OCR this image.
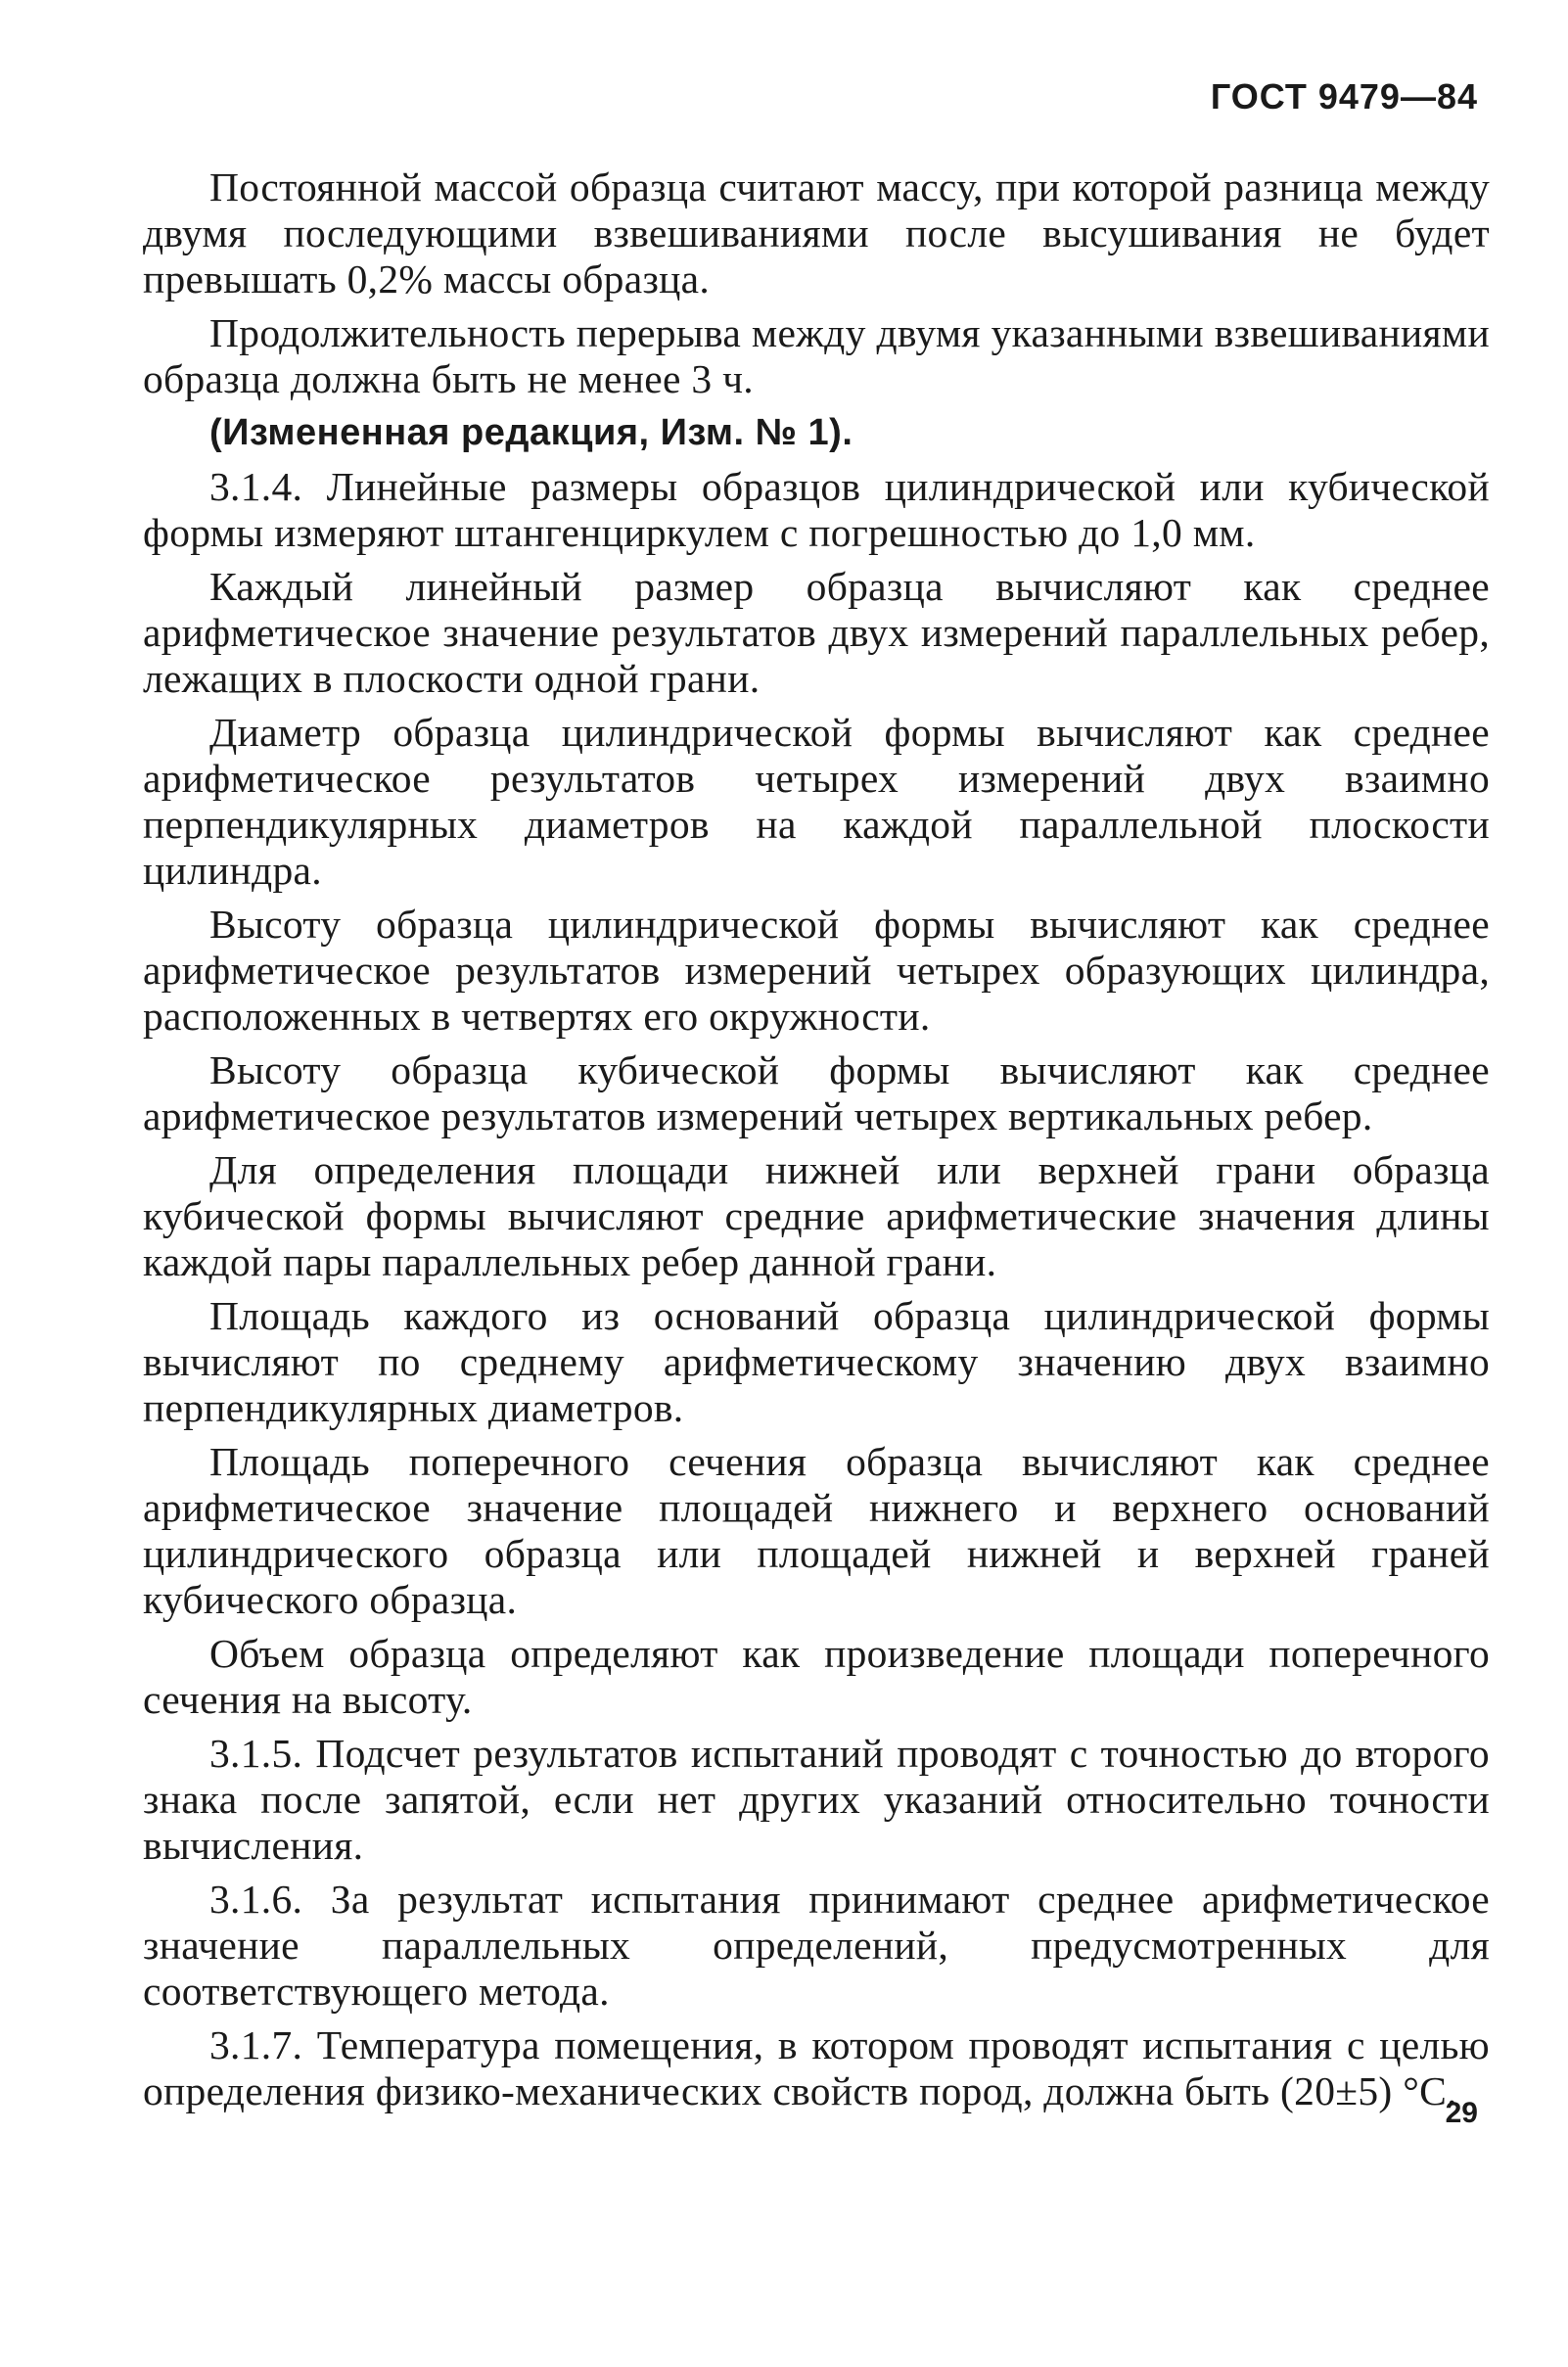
ГОСТ 9479—84

Постоянной массой образца считают массу, при которой разница между двумя последующими взвешиваниями после высушивания не будет превышать 0,2% массы образца.

Продолжительность перерыва между двумя указанными взвешиваниями образца должна быть не менее 3 ч.

(Измененная редакция, Изм. № 1).

3.1.4. Линейные размеры образцов цилиндрической или кубической формы измеряют штангенциркулем с погрешностью до 1,0 мм.

Каждый линейный размер образца вычисляют как среднее арифметическое значение результатов двух измерений параллельных ребер, лежащих в плоскости одной грани.

Диаметр образца цилиндрической формы вычисляют как среднее арифметическое результатов четырех измерений двух взаимно перпендикулярных диаметров на каждой параллельной плоскости цилиндра.

Высоту образца цилиндрической формы вычисляют как среднее арифметическое результатов измерений четырех образующих цилиндра, расположенных в четвертях его окружности.

Высоту образца кубической формы вычисляют как среднее арифметическое результатов измерений четырех вертикальных ребер.

Для определения площади нижней или верхней грани образца кубической формы вычисляют средние арифметические значения длины каждой пары параллельных ребер данной грани.

Площадь каждого из оснований образца цилиндрической формы вычисляют по среднему арифметическому значению двух взаимно перпендикулярных диаметров.

Площадь поперечного сечения образца вычисляют как среднее арифметическое значение площадей нижнего и верхнего оснований цилиндрического образца или площадей нижней и верхней граней кубического образца.

Объем образца определяют как произведение площади поперечного сечения на высоту.

3.1.5. Подсчет результатов испытаний проводят с точностью до второго знака после запятой, если нет других указаний относительно точности вычисления.

3.1.6. За результат испытания принимают среднее арифметическое значение параллельных определений, предусмотренных для соответствующего метода.

3.1.7. Температура помещения, в котором проводят испытания с целью определения физико-механических свойств пород, должна быть (20±5) °С.

29
